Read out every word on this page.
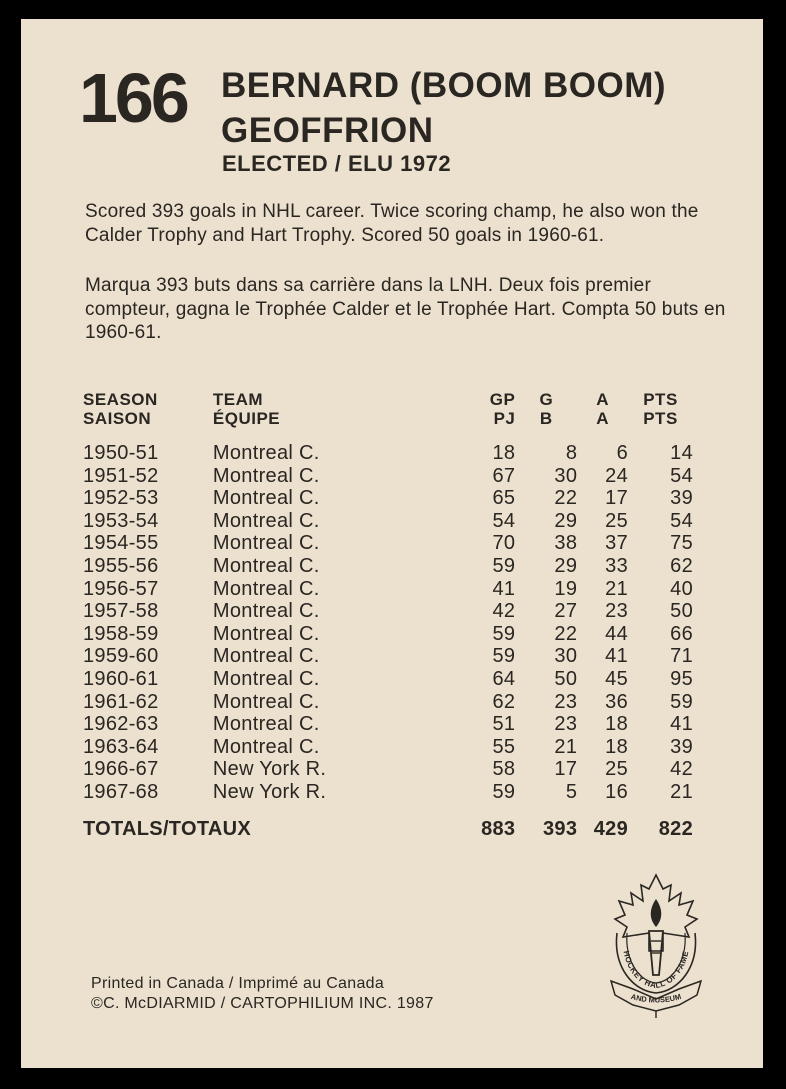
166 BERNARD (BOOM BOOM)
GEOFFRION
ELECTED / ELU 1972

Scored 393 goals in NHL career. Twice scoring champ, he also won the Calder Trophy and Hart Trophy. Scored 50 goals in 1960-61.

Marqua 393 buts dans sa carrière dans la LNH. Deux fois premier compteur, gagna le Trophée Calder et le Trophée Hart. Compta 50 buts en 1960-61.

SEASON	TEAM	GP	G	A	PTS
SAISON	ÉQUIPE	PJ	B	A	PTS

1950-51	Montreal C.	18	8	6	14
1951-52	Montreal C.	67	30	24	54
1952-53	Montreal C.	65	22	17	39
1953-54	Montreal C.	54	29	25	54
1954-55	Montreal C.	70	38	37	75
1955-56	Montreal C.	59	29	33	62
1956-57	Montreal C.	41	19	21	40
1957-58	Montreal C.	42	27	23	50
1958-59	Montreal C.	59	22	44	66
1959-60	Montreal C.	59	30	41	71
1960-61	Montreal C.	64	50	45	95
1961-62	Montreal C.	62	23	36	59
1962-63	Montreal C.	51	23	18	41
1963-64	Montreal C.	55	21	18	39
1966-67	New York R.	58	17	25	42
1967-68	New York R.	59	5	16	21

TOTALS/TOTAUX		883	393	429	822
Printed in Canada / Imprimé au Canada
©C. McDIARMID / CARTOPHILIUM INC. 1987
HOCKEY HALL OF FAME
AND MUSEUM
